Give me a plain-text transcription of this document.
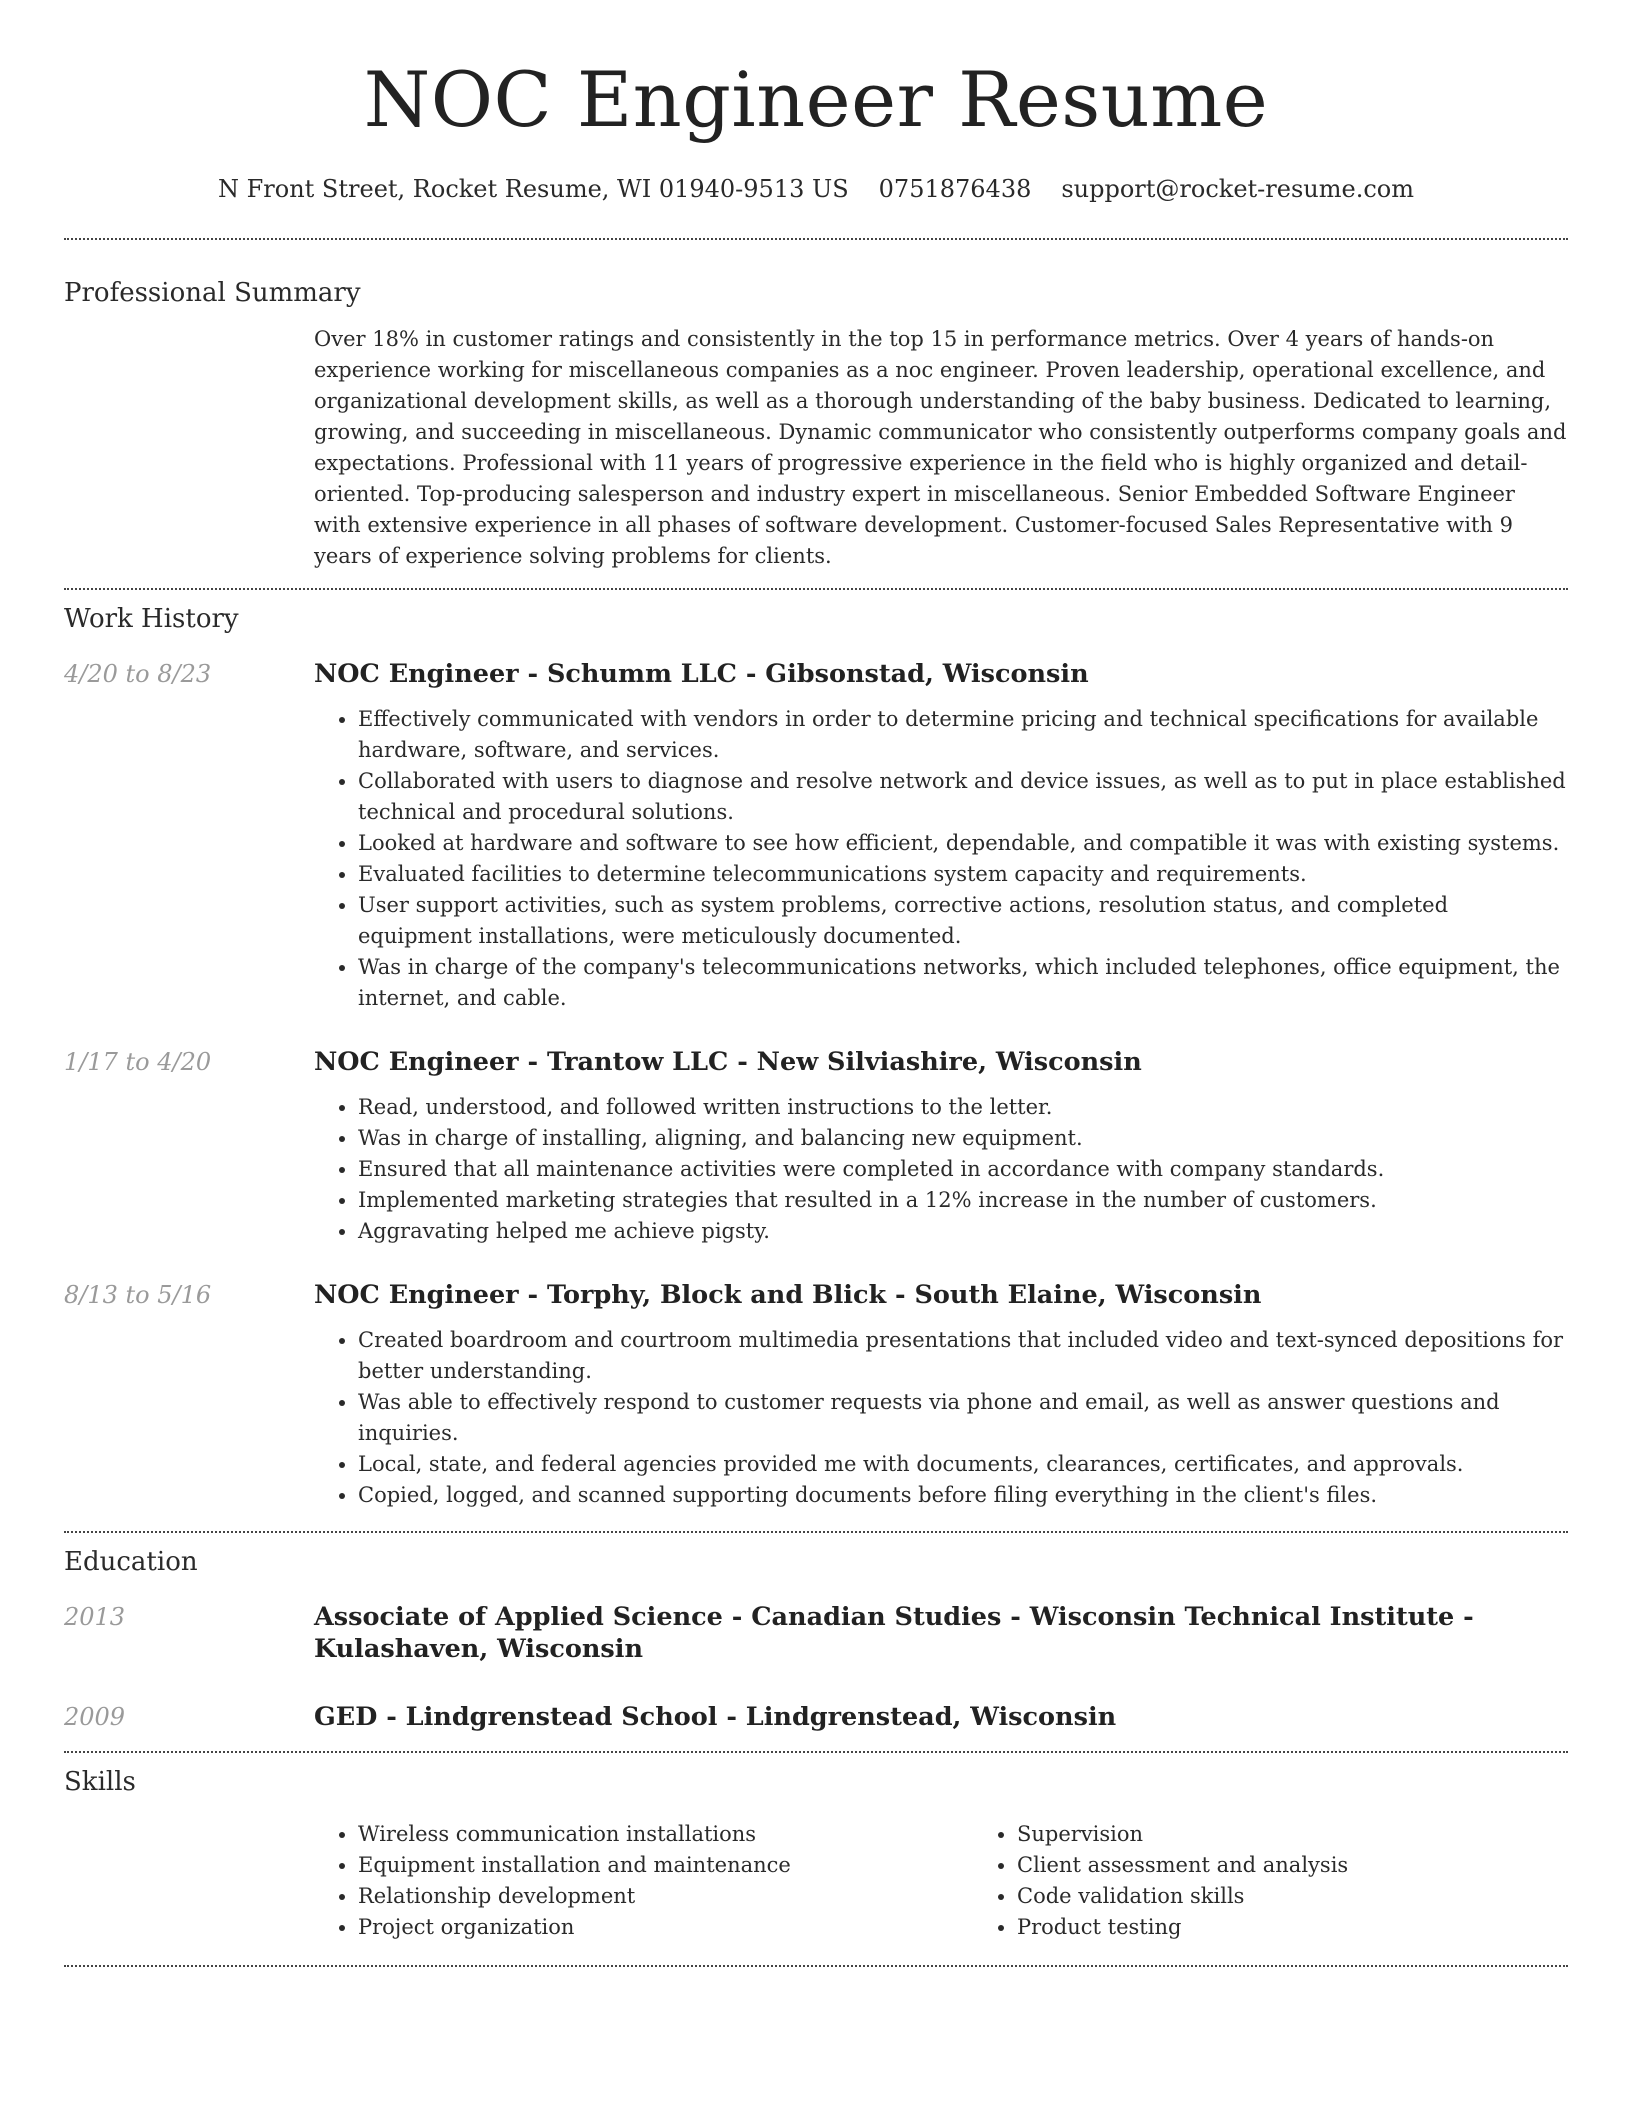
NOC Engineer Resume
N Front Street, Rocket Resume, WI 01940-9513 US 0751876438 support@rocket-resume.com
Professional Summary

Over 18% in customer ratings and consistently in the top 15 in performance metrics. Over 4 years of hands-on experience working for miscellaneous companies as a noc engineer. Proven leadership, operational excellence, and organizational development skills, as well as a thorough understanding of the baby business. Dedicated to learning, growing, and succeeding in miscellaneous. Dynamic communicator who consistently outperforms company goals and expectations. Professional with 11 years of progressive experience in the field who is highly organized and detail-oriented. Top-producing salesperson and industry expert in miscellaneous. Senior Embedded Software Engineer with extensive experience in all phases of software development. Customer-focused Sales Representative with 9 years of experience solving problems for clients.

Work History
4/20 to 8/23	NOC Engineer - Schumm LLC - Gibsonstad, Wisconsin
• Effectively communicated with vendors in order to determine pricing and technical specifications for available hardware, software, and services.
• Collaborated with users to diagnose and resolve network and device issues, as well as to put in place established technical and procedural solutions.
• Looked at hardware and software to see how efficient, dependable, and compatible it was with existing systems.
• Evaluated facilities to determine telecommunications system capacity and requirements.
• User support activities, such as system problems, corrective actions, resolution status, and completed equipment installations, were meticulously documented.
• Was in charge of the company's telecommunications networks, which included telephones, office equipment, the internet, and cable.
1/17 to 4/20	NOC Engineer - Trantow LLC - New Silviashire, Wisconsin
• Read, understood, and followed written instructions to the letter.
• Was in charge of installing, aligning, and balancing new equipment.
• Ensured that all maintenance activities were completed in accordance with company standards.
• Implemented marketing strategies that resulted in a 12% increase in the number of customers.
• Aggravating helped me achieve pigsty.
8/13 to 5/16	NOC Engineer - Torphy, Block and Blick - South Elaine, Wisconsin
• Created boardroom and courtroom multimedia presentations that included video and text-synced depositions for better understanding.
• Was able to effectively respond to customer requests via phone and email, as well as answer questions and inquiries.
• Local, state, and federal agencies provided me with documents, clearances, certificates, and approvals.
• Copied, logged, and scanned supporting documents before filing everything in the client's files.
Education
2013	Associate of Applied Science - Canadian Studies - Wisconsin Technical Institute - Kulashaven, Wisconsin
2009	GED - Lindgrenstead School - Lindgrenstead, Wisconsin
Skills
• Wireless communication installations
• Equipment installation and maintenance
• Relationship development
• Project organization
• Supervision
• Client assessment and analysis
• Code validation skills
• Product testing
